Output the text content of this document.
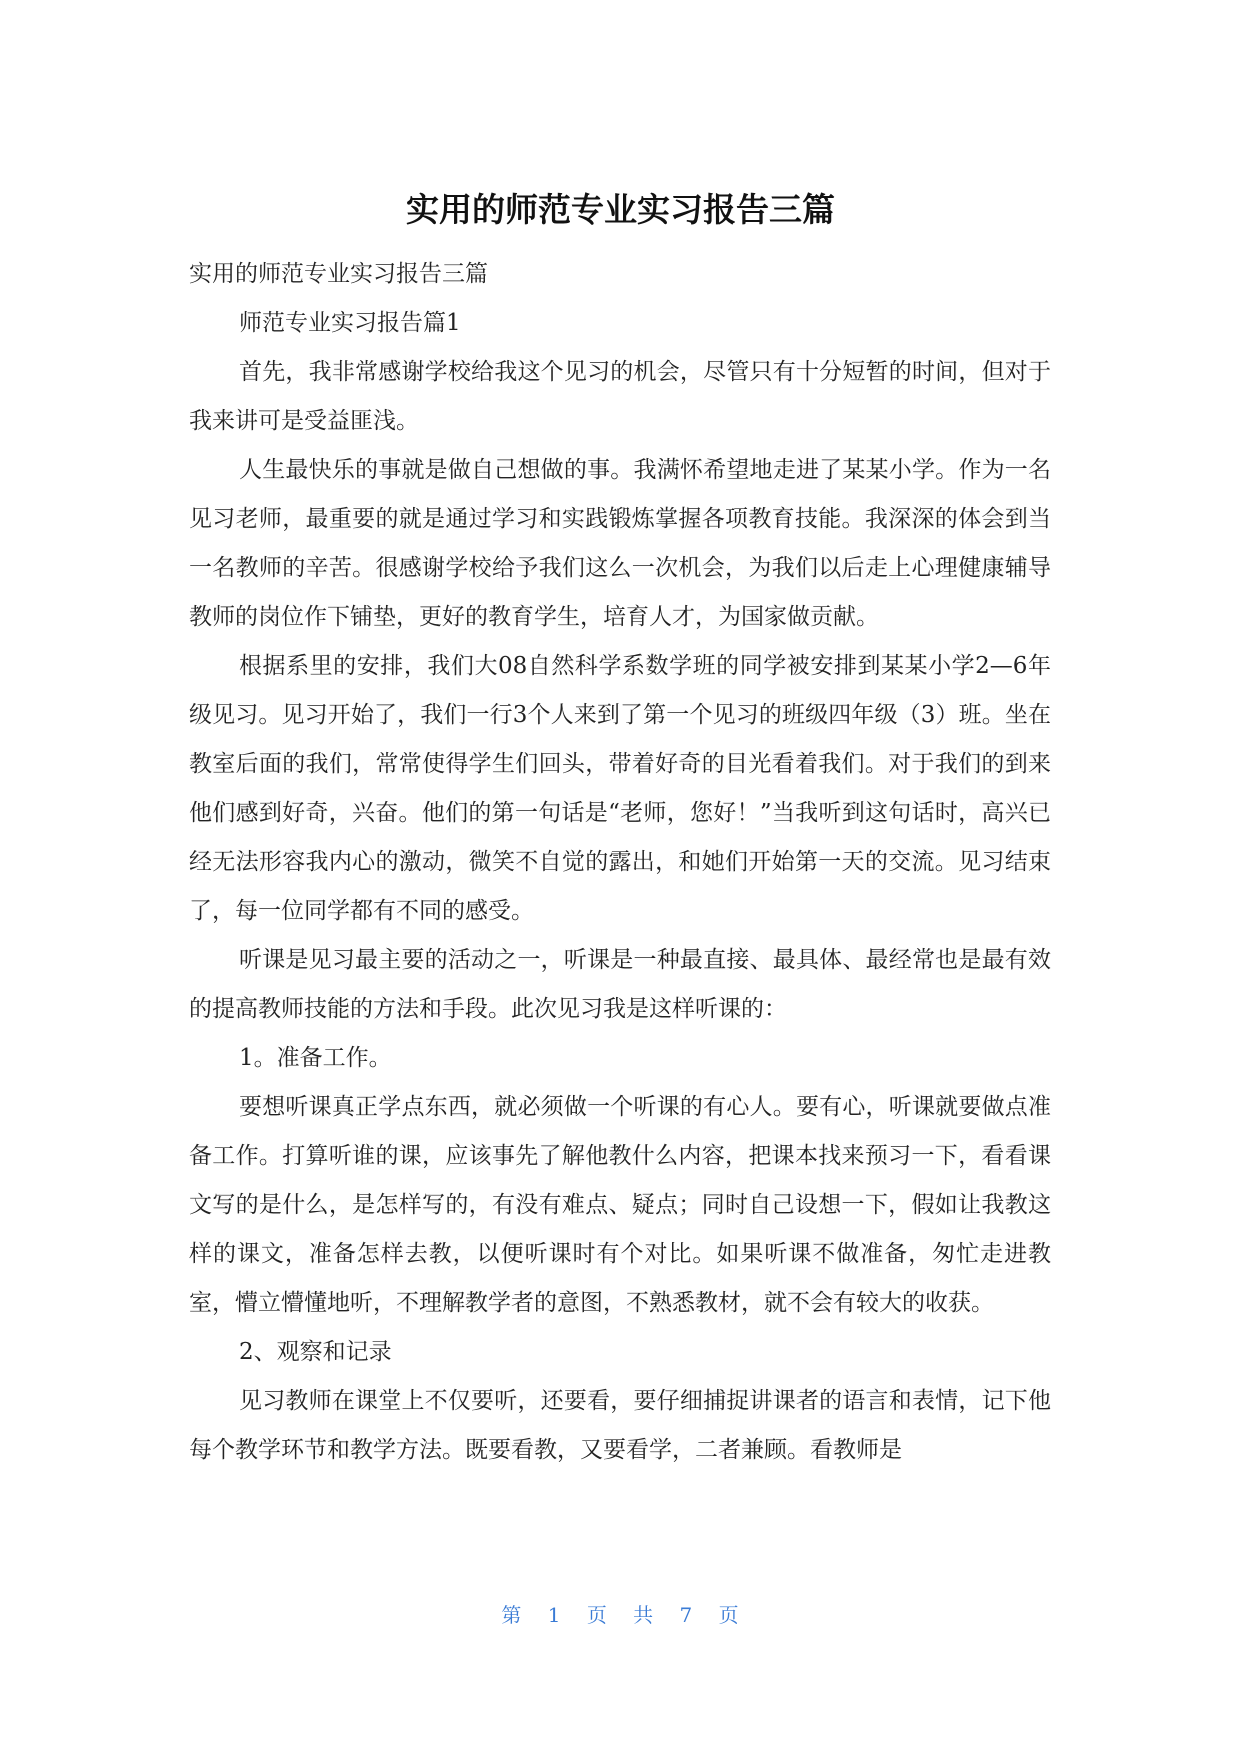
实用的师范专业实习报告三篇

实用的师范专业实习报告三篇

师范专业实习报告篇1

首先，我非常感谢学校给我这个见习的机会，尽管只有十分短暂的时间，但对于我来讲可是受益匪浅。

人生最快乐的事就是做自己想做的事。我满怀希望地走进了某某小学。作为一名见习老师，最重要的就是通过学习和实践锻炼掌握各项教育技能。我深深的体会到当一名教师的辛苦。很感谢学校给予我们这么一次机会，为我们以后走上心理健康辅导教师的岗位作下铺垫，更好的教育学生，培育人才，为国家做贡献。

根据系里的安排，我们大08自然科学系数学班的同学被安排到某某小学2—6年级见习。见习开始了，我们一行3个人来到了第一个见习的班级四年级（3）班。坐在教室后面的我们，常常使得学生们回头，带着好奇的目光看着我们。对于我们的到来他们感到好奇，兴奋。他们的第一句话是“老师，您好！”当我听到这句话时，高兴已经无法形容我内心的激动，微笑不自觉的露出，和她们开始第一天的交流。见习结束了，每一位同学都有不同的感受。

听课是见习最主要的活动之一，听课是一种最直接、最具体、最经常也是最有效的提高教师技能的方法和手段。此次见习我是这样听课的：

1。准备工作。

要想听课真正学点东西，就必须做一个听课的有心人。要有心，听课就要做点准备工作。打算听谁的课，应该事先了解他教什么内容，把课本找来预习一下，看看课文写的是什么，是怎样写的，有没有难点、疑点；同时自己设想一下，假如让我教这样的课文，准备怎样去教，以便听课时有个对比。如果听课不做准备，匆忙走进教室，懵立懵懂地听，不理解教学者的意图，不熟悉教材，就不会有较大的收获。

2、观察和记录

见习教师在课堂上不仅要听，还要看，要仔细捕捉讲课者的语言和表情，记下他每个教学环节和教学方法。既要看教，又要看学，二者兼顾。看教师是

第 1 页 共 7 页
